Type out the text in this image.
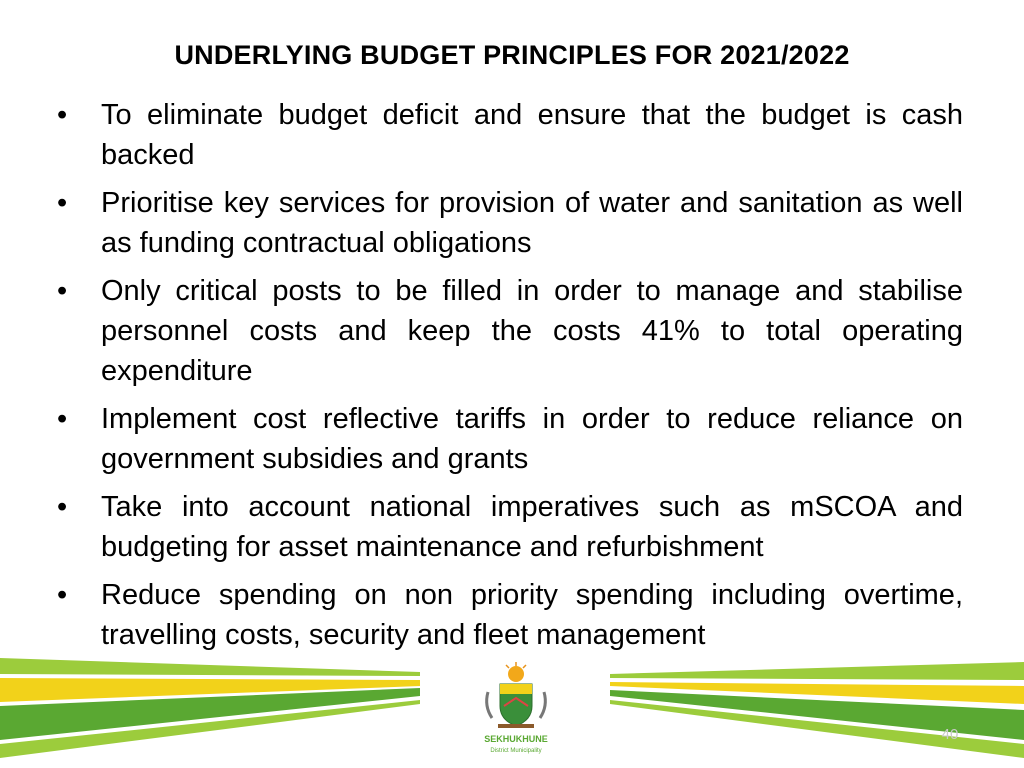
UNDERLYING BUDGET PRINCIPLES FOR 2021/2022
• To eliminate budget deficit and ensure that the budget is cash backed
• Prioritise key services for provision of water and sanitation as well as funding contractual obligations
• Only critical posts to be filled in order to manage and stabilise personnel costs and keep the costs 41% to total operating expenditure
• Implement cost reflective tariffs in order to reduce reliance on government subsidies and grants
• Take into account national imperatives such as mSCOA and budgeting for asset maintenance and refurbishment
• Reduce spending on non priority spending including overtime, travelling costs, security and fleet management
SEKHUKHUNE
District Municipality
40
